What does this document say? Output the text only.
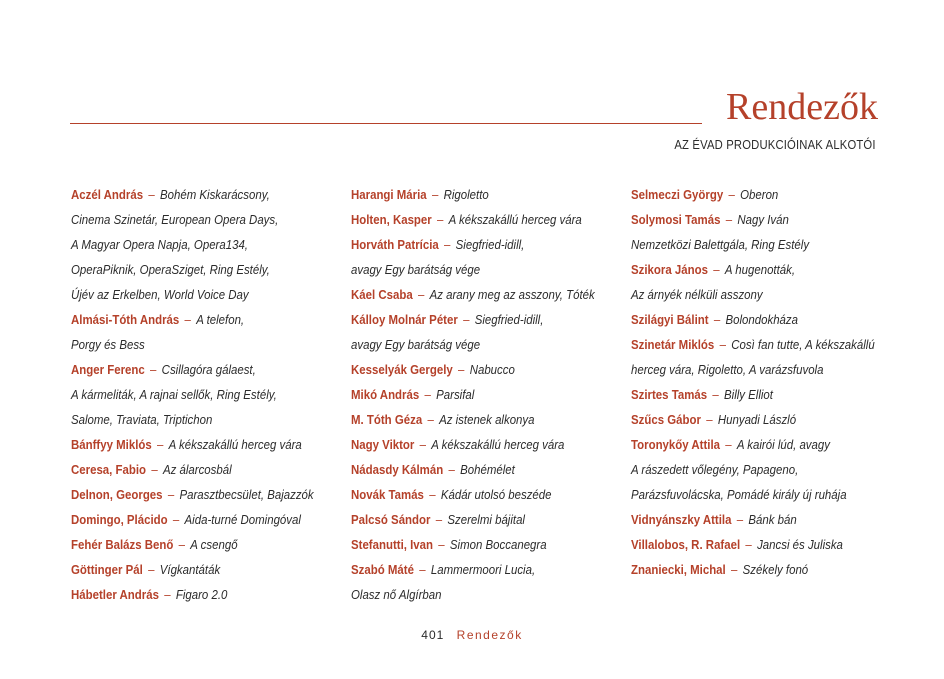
Rendezők
AZ ÉVAD PRODUKCIÓINAK ALKOTÓI
Aczél András – Bohém Kiskarácsony,
Cinema Szinetár, European Opera Days,
A Magyar Opera Napja, Opera134,
OperaPiknik, OperaSziget, Ring Estély,
Újév az Erkelben, World Voice Day
Almási-Tóth András – A telefon,
Porgy és Bess
Anger Ferenc – Csillagóra gálaest,
A kármeliták, A rajnai sellők, Ring Estély,
Salome, Traviata, Triptichon
Bánffyy Miklós – A kékszakállú herceg vára
Ceresa, Fabio – Az álarcosbál
Delnon, Georges – Parasztbecsület, Bajazzók
Domingo, Plácido – Aida-turné Domingóval
Fehér Balázs Benő – A csengő
Göttinger Pál – Vígkantáták
Hábetler András – Figaro 2.0
Harangi Mária – Rigoletto
Holten, Kasper – A kékszakállú herceg vára
Horváth Patrícia – Siegfried-idill,
avagy Egy barátság vége
Káel Csaba – Az arany meg az asszony, Tóték
Kálloy Molnár Péter – Siegfried-idill,
avagy Egy barátság vége
Kesselyák Gergely – Nabucco
Mikó András – Parsifal
M. Tóth Géza – Az istenek alkonya
Nagy Viktor – A kékszakállú herceg vára
Nádasdy Kálmán – Bohémélet
Novák Tamás – Kádár utolsó beszéde
Palcsó Sándor – Szerelmi bájital
Stefanutti, Ivan – Simon Boccanegra
Szabó Máté – Lammermoori Lucia,
Olasz nő Algírban
Selmeczi György – Oberon
Solymosi Tamás – Nagy Iván
Nemzetközi Balettgála, Ring Estély
Szikora János – A hugenották,
Az árnyék nélküli asszony
Szilágyi Bálint – Bolondokháza
Szinetár Miklós – Così fan tutte, A kékszakállú
herceg vára, Rigoletto, A varázsfuvola
Szirtes Tamás – Billy Elliot
Szűcs Gábor – Hunyadi László
Toronykőy Attila – A kairói lúd, avagy
A rászedett vőlegény, Papageno,
Parázsfuvolácska, Pomádé király új ruhája
Vidnyánszky Attila – Bánk bán
Villalobos, R. Rafael – Jancsi és Juliska
Znaniecki, Michal – Székely fonó
401 Rendezők
